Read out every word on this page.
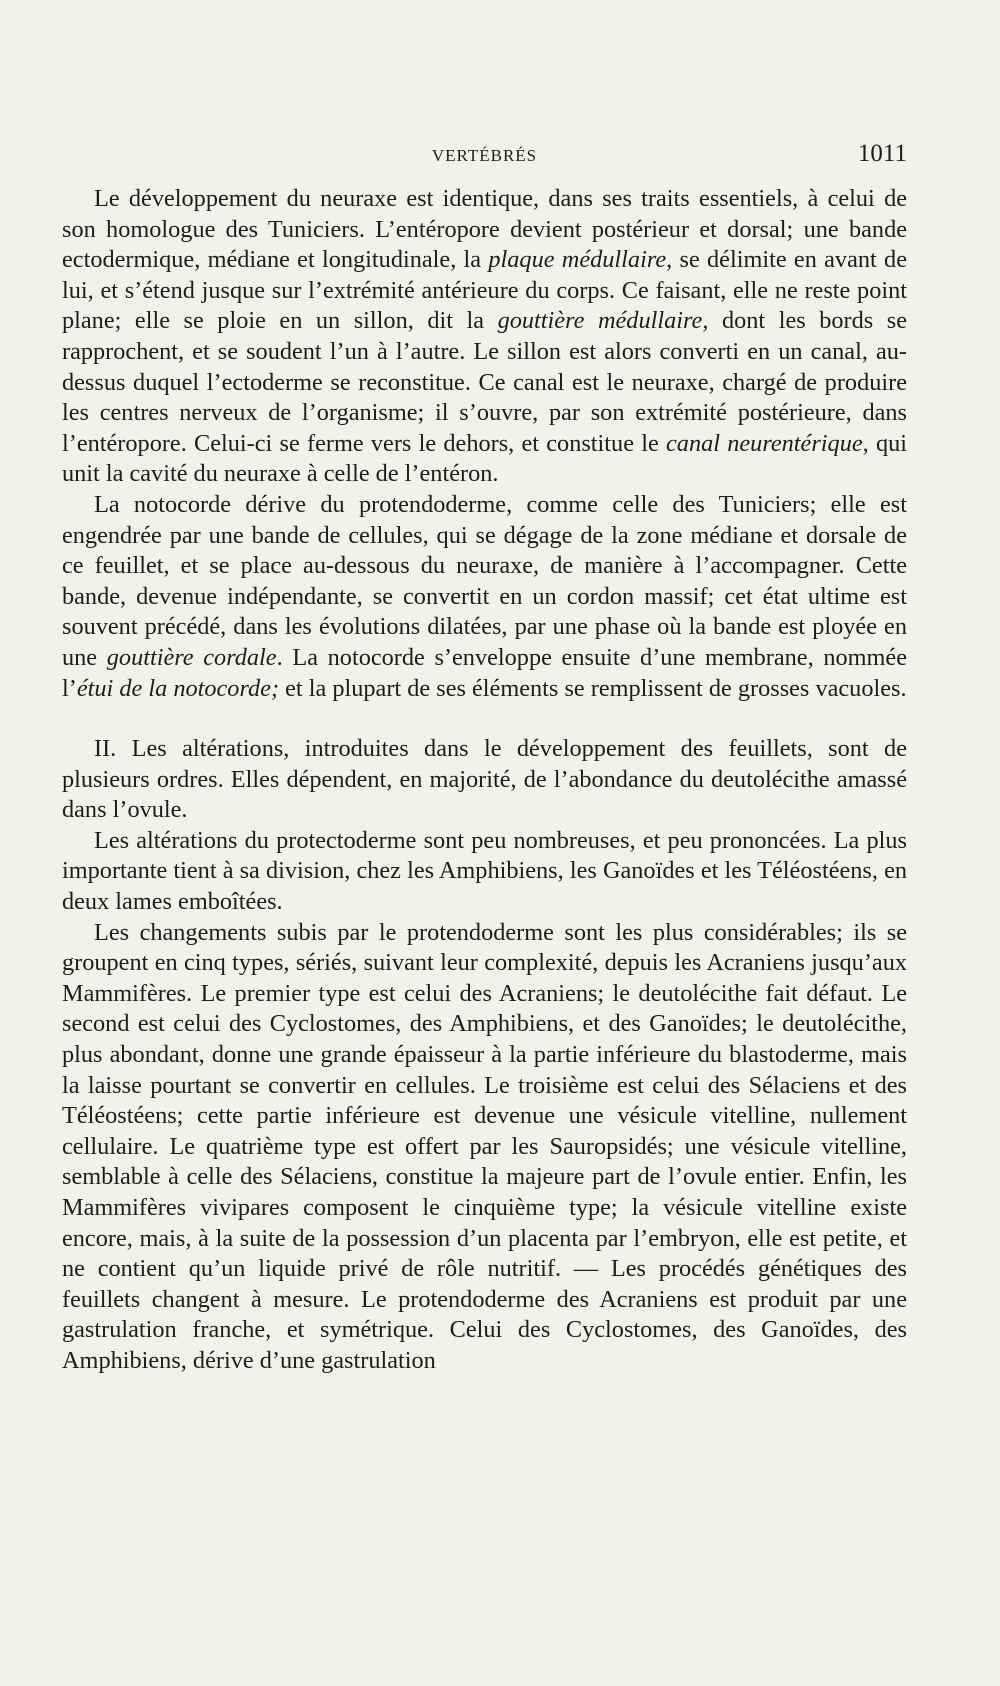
VERTÉBRÉS	1011

Le développement du neuraxe est identique, dans ses traits essentiels, à celui de son homologue des Tuniciers. L’entéropore devient postérieur et dorsal; une bande ectodermique, médiane et longitudinale, la plaque médullaire, se délimite en avant de lui, et s’étend jusque sur l’extrémité antérieure du corps. Ce faisant, elle ne reste point plane; elle se ploie en un sillon, dit la gouttière médullaire, dont les bords se rapprochent, et se soudent l’un à l’autre. Le sillon est alors converti en un canal, au-dessus duquel l’ectoderme se reconstitue. Ce canal est le neuraxe, chargé de produire les centres nerveux de l’organisme; il s’ouvre, par son extrémité postérieure, dans l’entéropore. Celui-ci se ferme vers le dehors, et constitue le canal neurentérique, qui unit la cavité du neuraxe à celle de l’entéron.

La notocorde dérive du protendoderme, comme celle des Tuniciers; elle est engendrée par une bande de cellules, qui se dégage de la zone médiane et dorsale de ce feuillet, et se place au-dessous du neuraxe, de manière à l’accompagner. Cette bande, devenue indépendante, se convertit en un cordon massif; cet état ultime est souvent précédé, dans les évolutions dilatées, par une phase où la bande est ployée en une gouttière cordale. La notocorde s’enveloppe ensuite d’une membrane, nommée l’étui de la notocorde; et la plupart de ses éléments se remplissent de grosses vacuoles.

II. Les altérations, introduites dans le développement des feuillets, sont de plusieurs ordres. Elles dépendent, en majorité, de l’abondance du deutolécithe amassé dans l’ovule.

Les altérations du protectoderme sont peu nombreuses, et peu prononcées. La plus importante tient à sa division, chez les Amphibiens, les Ganoïdes et les Téléostéens, en deux lames emboîtées.

Les changements subis par le protendoderme sont les plus considérables; ils se groupent en cinq types, sériés, suivant leur complexité, depuis les Acraniens jusqu’aux Mammifères. Le premier type est celui des Acraniens; le deutolécithe fait défaut. Le second est celui des Cyclostomes, des Amphibiens, et des Ganoïdes; le deutolécithe, plus abondant, donne une grande épaisseur à la partie inférieure du blastoderme, mais la laisse pourtant se convertir en cellules. Le troisième est celui des Sélaciens et des Téléostéens; cette partie inférieure est devenue une vésicule vitelline, nullement cellulaire. Le quatrième type est offert par les Sauropsidés; une vésicule vitelline, semblable à celle des Sélaciens, constitue la majeure part de l’ovule entier. Enfin, les Mammifères vivipares composent le cinquième type; la vésicule vitelline existe encore, mais, à la suite de la possession d’un placenta par l’embryon, elle est petite, et ne contient qu’un liquide privé de rôle nutritif. — Les procédés génétiques des feuillets changent à mesure. Le protendoderme des Acraniens est produit par une gastrulation franche, et symétrique. Celui des Cyclostomes, des Ganoïdes, des Amphibiens, dérive d’une gastrulation
